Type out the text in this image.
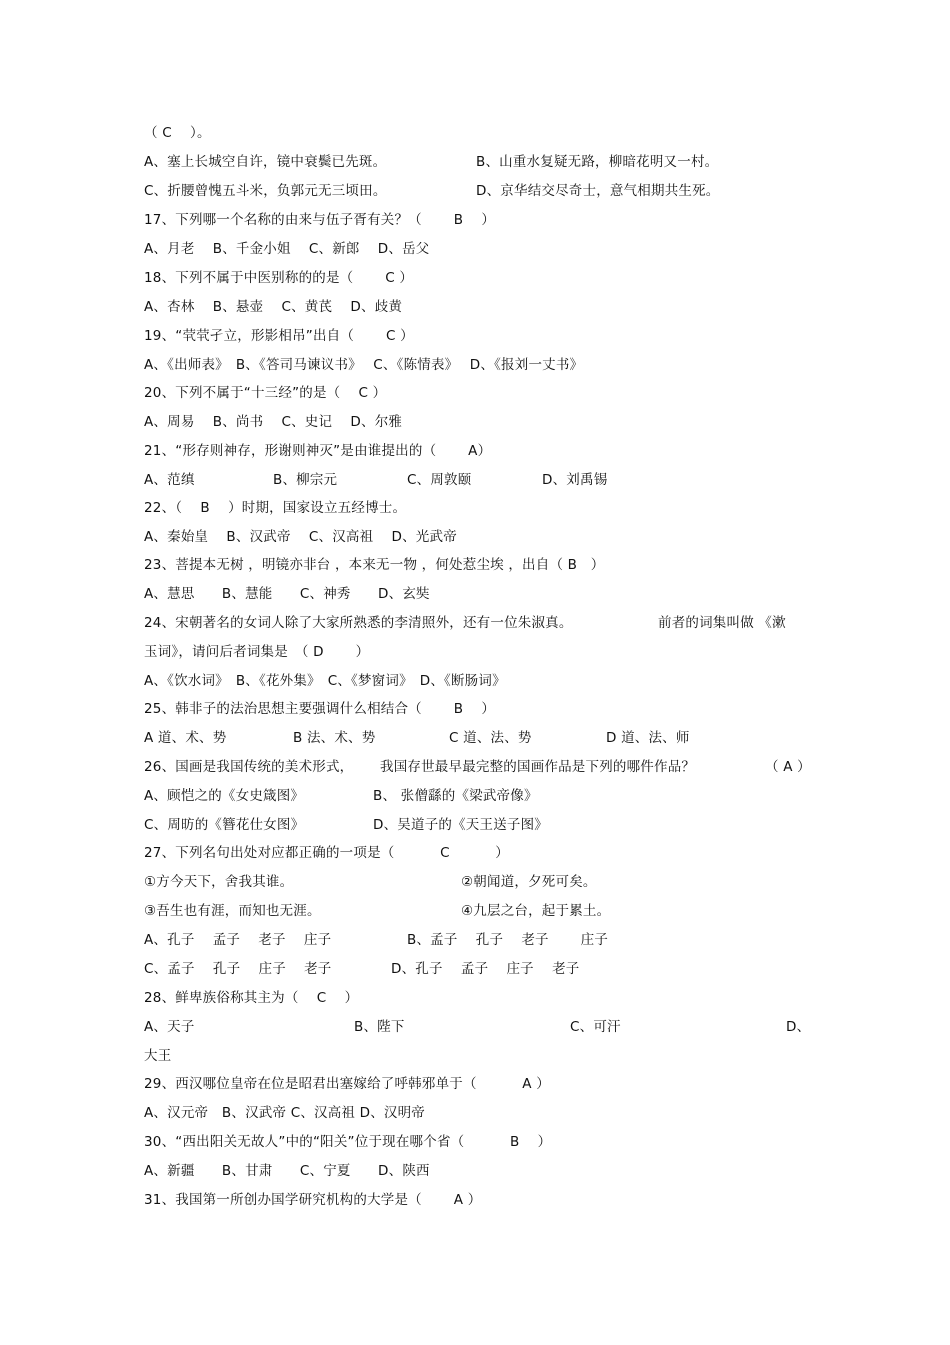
（ C　 ）。
A、塞上长城空自许，镜中衰鬓已先斑。	B、山重水复疑无路，柳暗花明又一村。
C、折腰曾愧五斗米，负郭元无三顷田。	D、京华结交尽奇士，意气相期共生死。
17、下列哪一个名称的由来与伍子胥有关？（　　 B　 ）
A、月老　 B、千金小姐　 C、新郎　 D、岳父
18、下列不属于中医别称的的是（　　 C ）
A、杏林　 B、悬壶　 C、黄芪　 D、歧黄
19、“茕茕孑立，形影相吊”出自（　　 C ）
A、《出师表》　B、《答司马谏议书》　 C、《陈情表》　 D、《报刘一丈书》
20、下列不属于“十三经”的是（　 C ）
A、周易　 B、尚书　 C、史记　 D、尔雅
21、“形存则神存，形谢则神灭”是由谁提出的（　　 A）
A、范缜	B、柳宗元	C、周敦颐	D、刘禹锡
22、（　 B　 ）时期，国家设立五经博士。
A、秦始皇　 B、汉武帝　 C、汉高祖　 D、光武帝
23、菩提本无树 ，明镜亦非台 ，本来无一物 ，何处惹尘埃 ，出自（ B　）
A、慧思　　B、慧能　　C、神秀　　D、玄奘
24、宋朝著名的女词人除了大家所熟悉的李清照外，还有一位朱淑真。	前者的词集叫做 《漱
玉词》，请问后者词集是　（ D　　 ）
A、《饮水词》　B、《花外集》　C、《梦窗词》　D、《断肠词》
25、韩非子的法治思想主要强调什么相结合（　　 B　 ）
A 道、术、势	B 法、术、势	C 道、法、势	D 道、法、师
26、国画是我国传统的美术形式， 我国存世最早最完整的国画作品是下列的哪件作品？	（ A ）
A、顾恺之的《女史箴图》	B、 张僧繇的《梁武帝像》
C、周昉的《簪花仕女图》	D、吴道子的《天王送子图》
27、下列名句出处对应都正确的一项是（　　　 C　　　 ）
①方今天下，舍我其谁。	②朝闻道，夕死可矣。
③吾生也有涯，而知也无涯。	④九层之台，起于累土。
A、孔子　 孟子　 老子　 庄子	B、孟子　 孔子　 老子　　 庄子
C、孟子　 孔子　 庄子　 老子	D、孔子　 孟子　 庄子　 老子
28、鲜卑族俗称其主为（　 C　 ）
A、天子	B、陛下	C、可汗	D、
大王
29、西汉哪位皇帝在位是昭君出塞嫁给了呼韩邪单于（　　　 A ）
A、汉元帝　B、汉武帝 C、汉高祖 D、汉明帝
30、“西出阳关无故人”中的“阳关”位于现在哪个省（　　　 B　 ）
A、新疆　　B、甘肃　　C、宁夏　　D、陕西
31、我国第一所创办国学研究机构的大学是（　　 A ）
